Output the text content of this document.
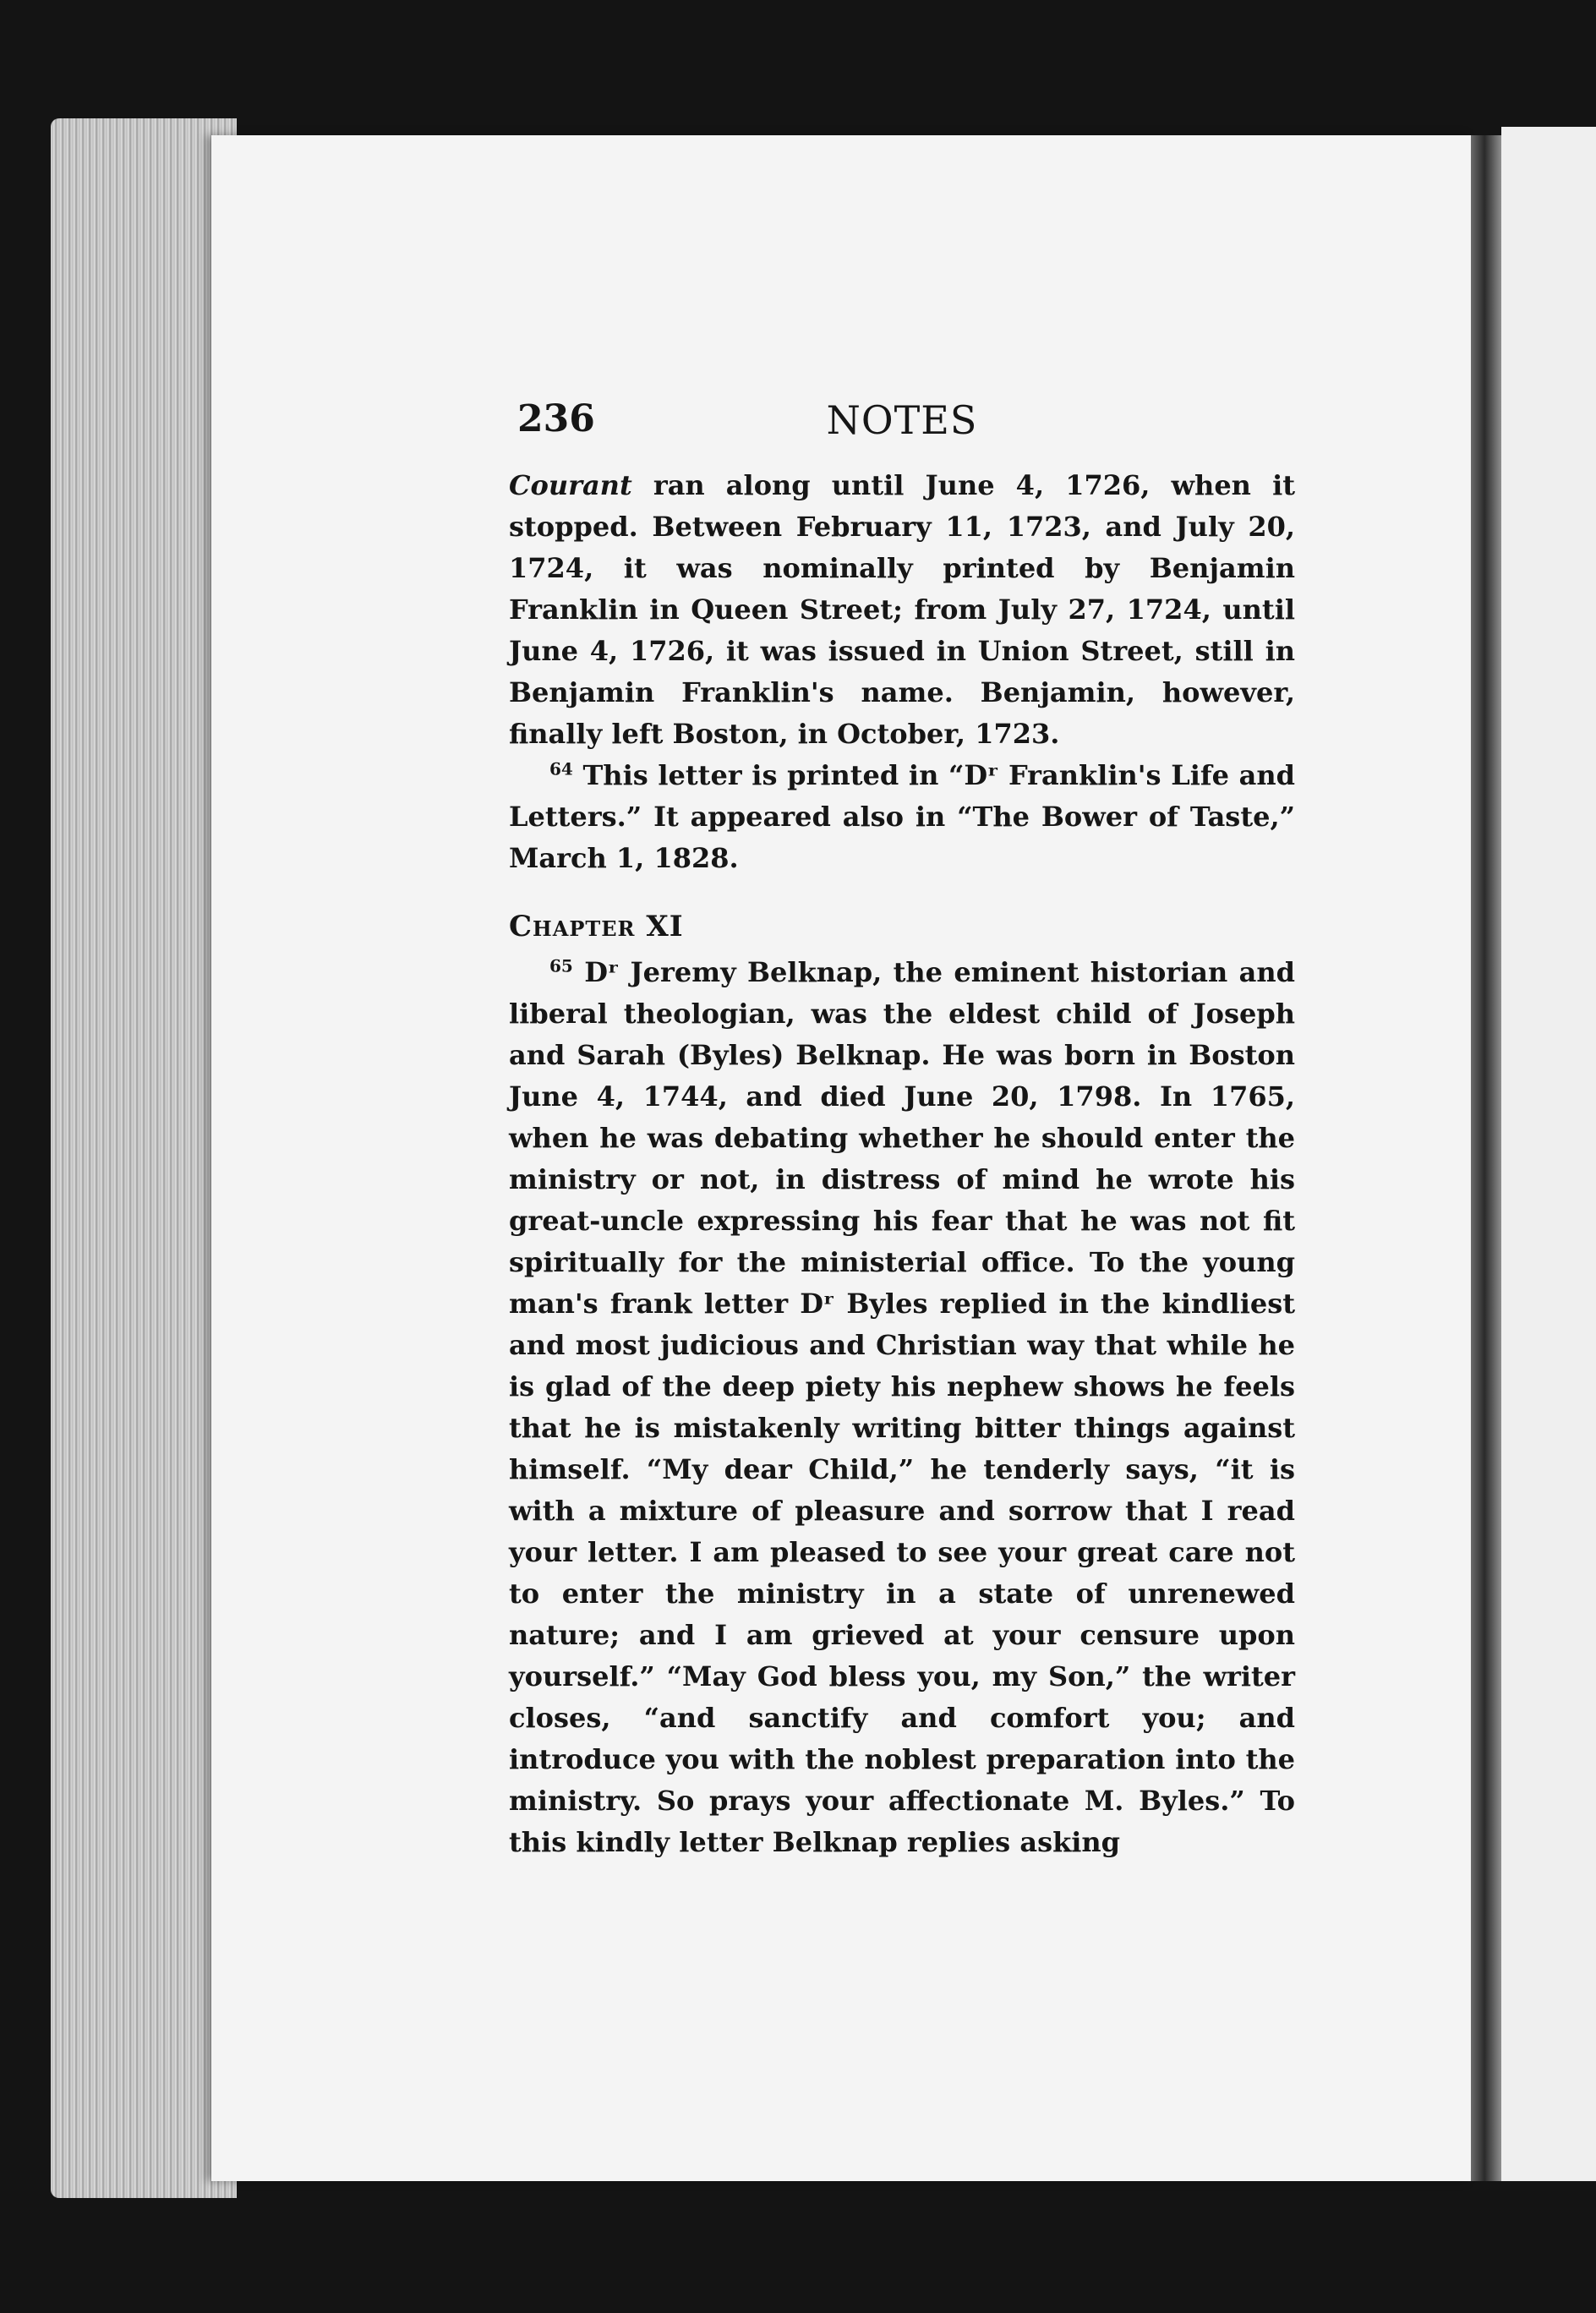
236	NOTES

Courant ran along until June 4, 1726, when it stopped. Between February 11, 1723, and July 20, 1724, it was nominally printed by Benjamin Franklin in Queen Street; from July 27, 1724, until June 4, 1726, it was issued in Union Street, still in Benjamin Franklin's name. Benjamin, however, finally left Boston, in October, 1723.

$^{64}$ This letter is printed in “Dʳ Franklin's Life and Letters.” It appeared also in “The Bower of Taste,” March 1, 1828.

Chapter XI

$^{65}$ Dʳ Jeremy Belknap, the eminent historian and liberal theologian, was the eldest child of Joseph and Sarah (Byles) Belknap. He was born in Boston June 4, 1744, and died June 20, 1798. In 1765, when he was debating whether he should enter the ministry or not, in distress of mind he wrote his great-uncle expressing his fear that he was not fit spiritually for the ministerial office. To the young man's frank letter Dʳ Byles replied in the kindliest and most judicious and Christian way that while he is glad of the deep piety his nephew shows he feels that he is mistakenly writing bitter things against himself. “My dear Child,” he tenderly says, “it is with a mixture of pleasure and sorrow that I read your letter. I am pleased to see your great care not to enter the ministry in a state of unrenewed nature; and I am grieved at your censure upon yourself.” “May God bless you, my Son,” the writer closes, “and sanctify and comfort you; and introduce you with the noblest preparation into the ministry. So prays your affectionate M. Byles.” To this kindly letter Belknap replies asking
